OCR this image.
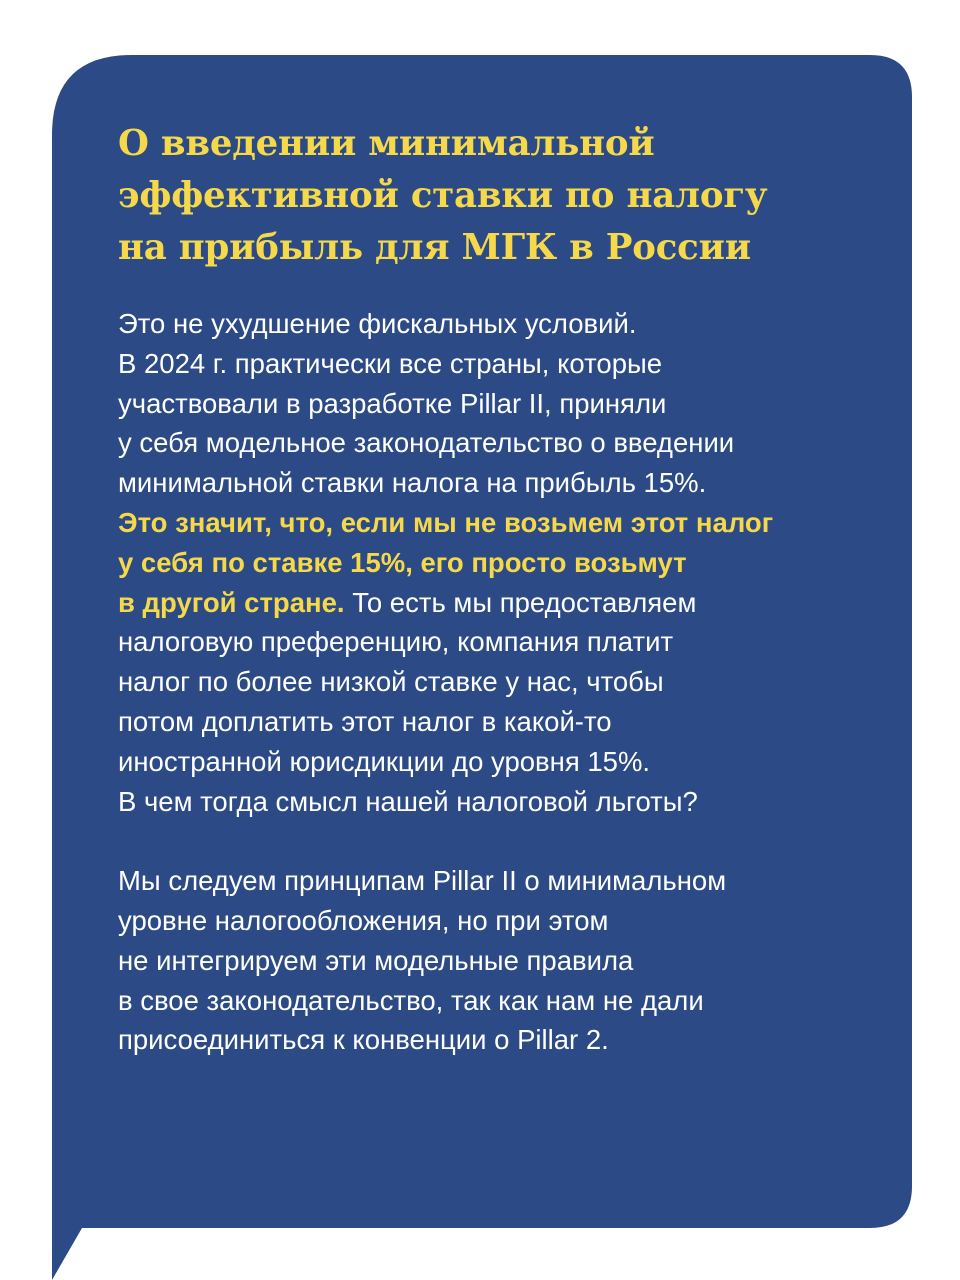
О введении минимальной
эффективной ставки по налогу
на прибыль для МГК в России
Это не ухудшение фискальных условий.
В 2024 г. практически все страны, которые
участвовали в разработке Pillar II, приняли
у себя модельное законодательство о введении
минимальной ставки налога на прибыль 15%.
Это значит, что, если мы не возьмем этот налог
у себя по ставке 15%, его просто возьмут
в другой стране. То есть мы предоставляем
налоговую преференцию, компания платит
налог по более низкой ставке у нас, чтобы
потом доплатить этот налог в какой-то
иностранной юрисдикции до уровня 15%.
В чем тогда смысл нашей налоговой льготы?
Мы следуем принципам Pillar II о минимальном
уровне налогообложения, но при этом
не интегрируем эти модельные правила
в свое законодательство, так как нам не дали
присоединиться к конвенции о Pillar 2.
